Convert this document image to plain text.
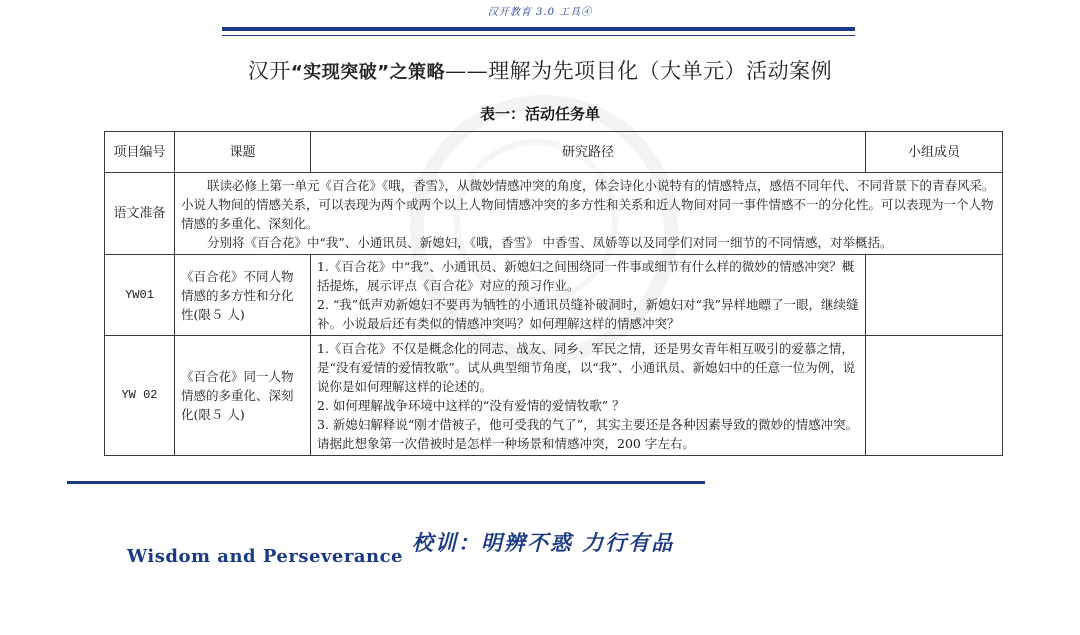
汉开教育 3.0 工具④
汉开“实现突破”之策略——理解为先项目化（大单元）活动案例
表一：活动任务单
项目编号	课题	研究路径	小组成员
语文准备	联读必修上第一单元《百合花》《哦，香雪》，从微妙情感冲突的角度，体会诗化小说特有的情感特点，感悟不同年代、不同背景下的青春风采。小说人物间的情感关系，可以表现为两个或两个以上人物间情感冲突的多方性和关系和近人物间对同一事件情感不一的分化性。可以表现为一个人物情感的多重化、深刻化。

分别将《百合花》中“我”、小通讯员、新媳妇，《哦，香雪》 中香雪、凤娇等以及同学们对同一细节的不同情感，对举概括。		

YW01	《百合花》不同人物情感的多方性和分化性(限５ 人)	1.《百合花》中“我”、小通讯员、新媳妇之间围绕同一件事或细节有什么样的微妙的情感冲突？概括提炼，展示评点《百合花》对应的预习作业。

2. “我”低声劝新媳妇不要再为牺牲的小通讯员缝补破洞时，新媳妇对“我”异样地瞟了一眼，继续缝补。小说最后还有类似的情感冲突吗？如何理解这样的情感冲突？	

YW 02	《百合花》同一人物情感的多重化、深刻化(限５ 人)	1.《百合花》不仅是概念化的同志、战友、同乡、军民之情，还是男女青年相互吸引的爱慕之情，是“没有爱情的爱情牧歌”。试从典型细节角度，以“我”、小通讯员、新媳妇中的任意一位为例，说说你是如何理解这样的论述的。

2. 如何理解战争环境中这样的“没有爱情的爱情牧歌” ？

3. 新媳妇解释说“刚才借被子，他可受我的气了”，其实主要还是各种因素导致的微妙的情感冲突。请据此想象第一次借被时是怎样一种场景和情感冲突，200 字左右。	

校训：明辨不惑 力行有品
Wisdom and Perseverance
